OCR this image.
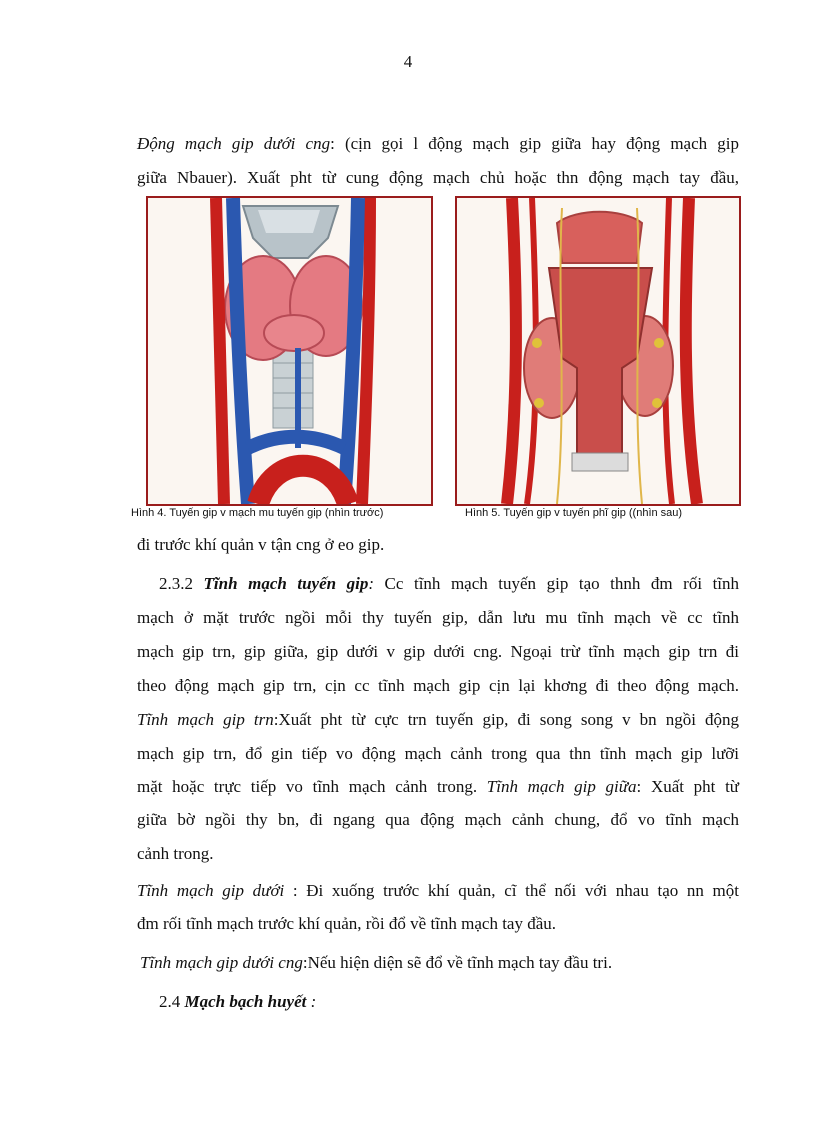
4
Động mạch gip dưới cng: (cịn gọi l động mạch gip giữa hay động mạch gip
giữa Nbauer). Xuất pht từ cung động mạch chủ hoặc thn động mạch tay đầu,
Hình 4. Tuyến gip v mạch mu tuyến gip (nhìn trước)	Hình 5. Tuyến gip v tuyến phĩ gip ((nhìn sau)
đi trước khí quản v tận cng ở eo gip.
2.3.2 Tĩnh mạch tuyến gip: Cc tĩnh mạch tuyến gip tạo thnh đm rối tĩnh
mạch ở mặt trước ngồi mỗi thy tuyến gip, dẫn lưu mu tĩnh mạch về cc tĩnh
mạch gip trn, gip giữa, gip dưới v gip dưới cng. Ngoại trừ tĩnh mạch gip trn đi
theo động mạch gip trn, cịn cc tĩnh mạch gip cịn lại khơng đi theo động mạch.
Tĩnh mạch gip trn:Xuất pht từ cực trn tuyến gip, đi song song v bn ngồi động
mạch gip trn, đổ gin tiếp vo động mạch cảnh trong qua thn tĩnh mạch gip lưỡi
mặt hoặc trực tiếp vo tĩnh mạch cảnh trong. Tĩnh mạch gip giữa: Xuất pht từ
giữa bờ ngồi thy bn, đi ngang qua động mạch cảnh chung, đổ vo tĩnh mạch
cảnh trong.
Tĩnh mạch gip dưới : Đi xuống trước khí quản, cĩ thể nối với nhau tạo nn một
đm rối tĩnh mạch trước khí quản, rồi đổ về tĩnh mạch tay đầu.
Tĩnh mạch gip dưới cng:Nếu hiện diện sẽ đổ về tĩnh mạch tay đầu tri.
2.4 Mạch bạch huyết :
